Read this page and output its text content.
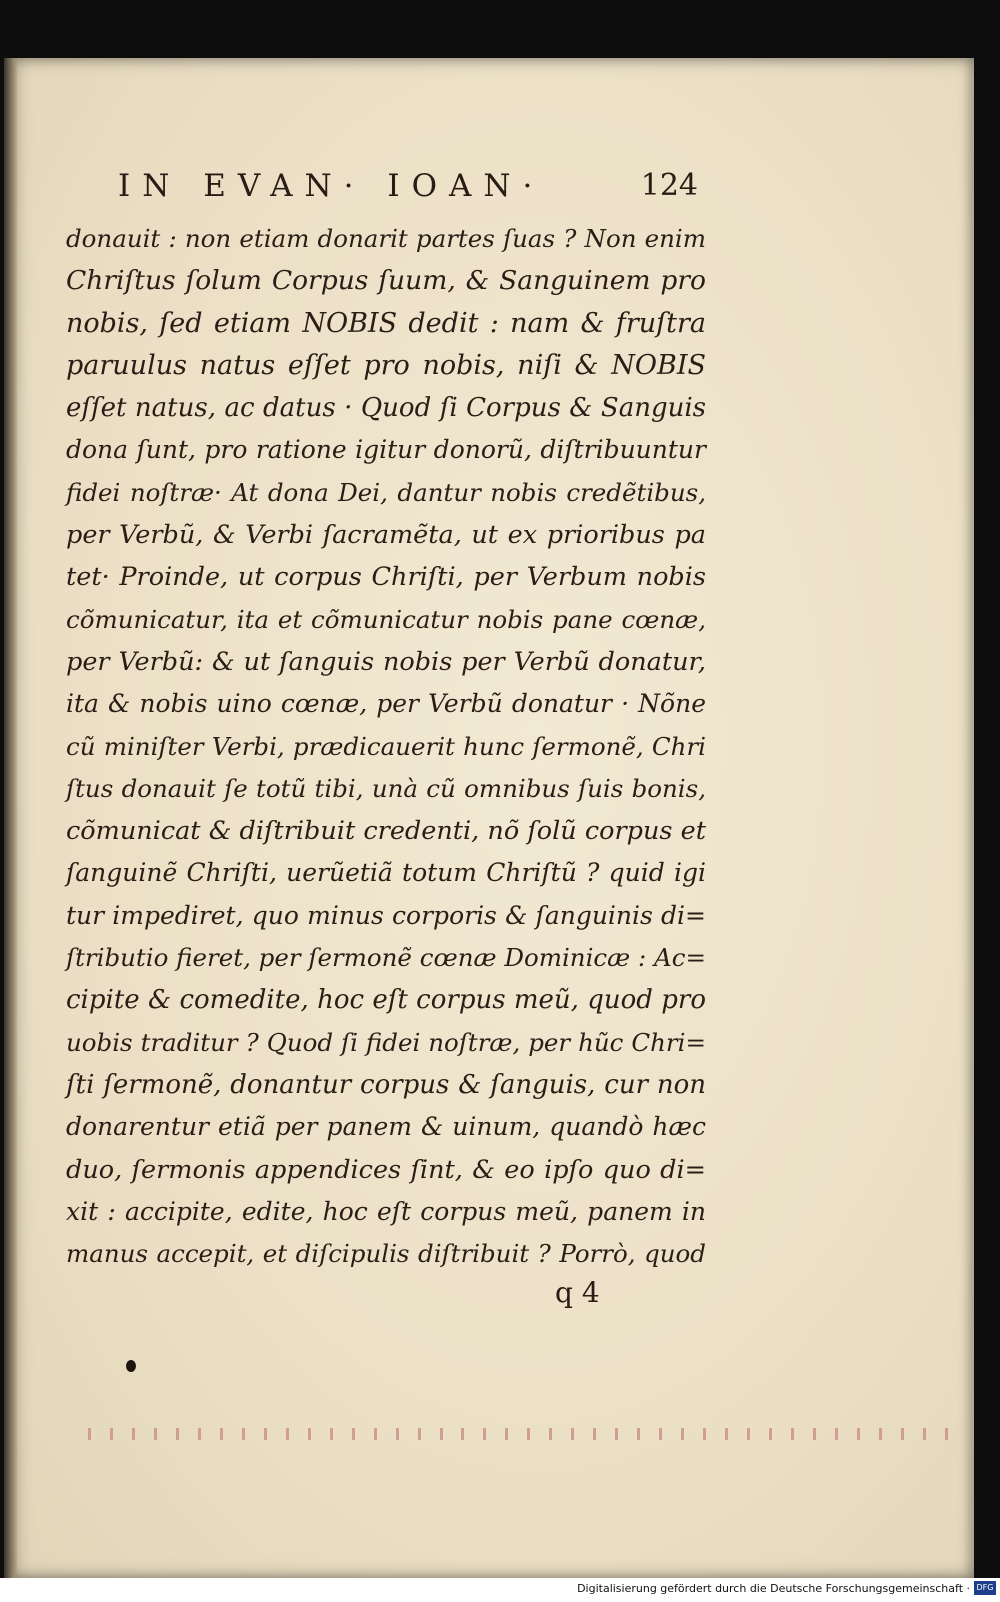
IN EVAN· IOAN·	124
donauit : non etiam donarit partes ſuas ? Non enim
Chriſtus ſolum Corpus ſuum, & Sanguinem pro
nobis, ſed etiam NOBIS dedit : nam & fruſtra
paruulus natus eſſet pro nobis, niſi & NOBIS
eſſet natus, ac datus · Quod ſi Corpus & Sanguis
dona ſunt, pro ratione igitur donorũ, diſtribuuntur
fidei noſtræ· At dona Dei, dantur nobis credẽtibus,
per Verbũ, & Verbi ſacramẽta, ut ex prioribus pa
tet· Proinde, ut corpus Chriſti, per Verbum nobis
cõmunicatur, ita et cõmunicatur nobis pane cœnæ,
per Verbũ: & ut ſanguis nobis per Verbũ donatur,
ita & nobis uino cœnæ, per Verbũ donatur · Nõne
cũ miniſter Verbi, prædicauerit hunc ſermonẽ, Chri
ſtus donauit ſe totũ tibi, unà cũ omnibus ſuis bonis,
cõmunicat & diſtribuit credenti, nõ ſolũ corpus et
ſanguinẽ Chriſti, uerũetiã totum Chriſtũ ? quid igi
tur impediret, quo minus corporis & ſanguinis di=
ſtributio fieret, per ſermonẽ cœnæ Dominicæ : Ac=
cipite & comedite, hoc eſt corpus meũ, quod pro
uobis traditur ? Quod ſi fidei noſtræ, per hũc Chri=
ſti ſermonẽ, donantur corpus & ſanguis, cur non
donarentur etiã per panem & uinum, quandò hæc
duo, ſermonis appendices ſint, & eo ipſo quo di=
xit : accipite, edite, hoc eſt corpus meũ, panem in
manus accepit, et diſcipulis diſtribuit ? Porrò, quod
q 4
Digitalisierung gefördert durch die Deutsche Forschungsgemeinschaft · DFG
